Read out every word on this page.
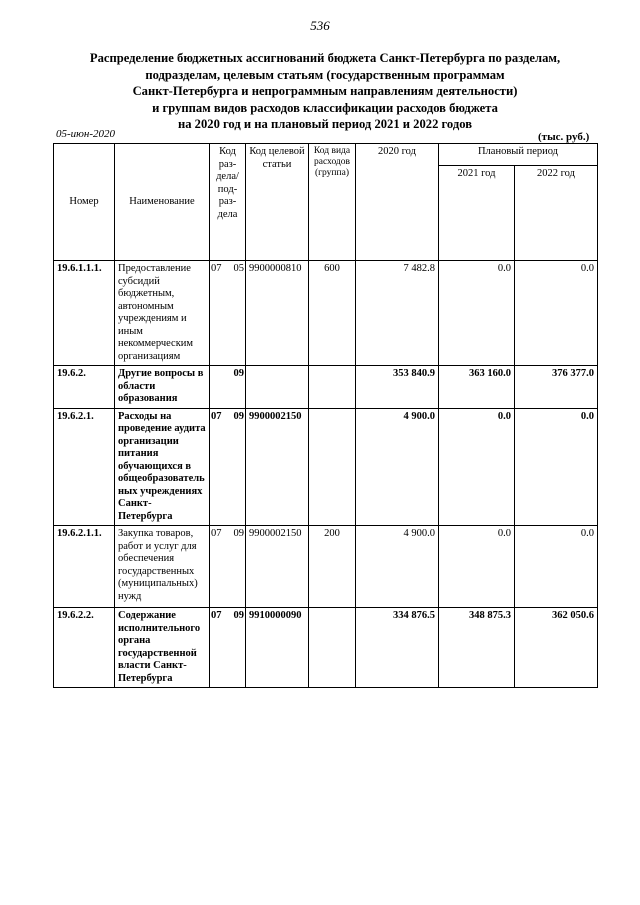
536
Распределение бюджетных ассигнований бюджета Санкт-Петербурга по разделам,
подразделам, целевым статьям (государственным программам
Санкт-Петербурга и непрограммным направлениям деятельности)
и группам видов расходов классификации расходов бюджета
на 2020 год и на плановый период 2021 и 2022 годов
05-июн-2020	(тыс. руб.)
Номер	Наименование	Код раз- дела/ под- раз- дела	Код целевой статьи	Код вида расходов (группа)	2020 год	Плановый период	
						2021 год	2022 год
19.6.1.1.1.	Предоставление субсидий бюджетным, автономным учреждениям и иным некоммерческим организациям	07 05	9900000810	600	7 482.8	0.0	0.0
19.6.2.	Другие вопросы в области образования	09			353 840.9	363 160.0	376 377.0
19.6.2.1.	Расходы на проведение аудита организации питания обучающихся в общеобразователь ных учреждениях Санкт-Петербурга	07 09	9900002150		4 900.0	0.0	0.0
19.6.2.1.1.	Закупка товаров, работ и услуг для обеспечения государственных (муниципальных) нужд	07 09	9900002150	200	4 900.0	0.0	0.0
19.6.2.2.	Содержание исполнительного органа государственной власти Санкт-Петербурга	07 09	9910000090		334 876.5	348 875.3	362 050.6
